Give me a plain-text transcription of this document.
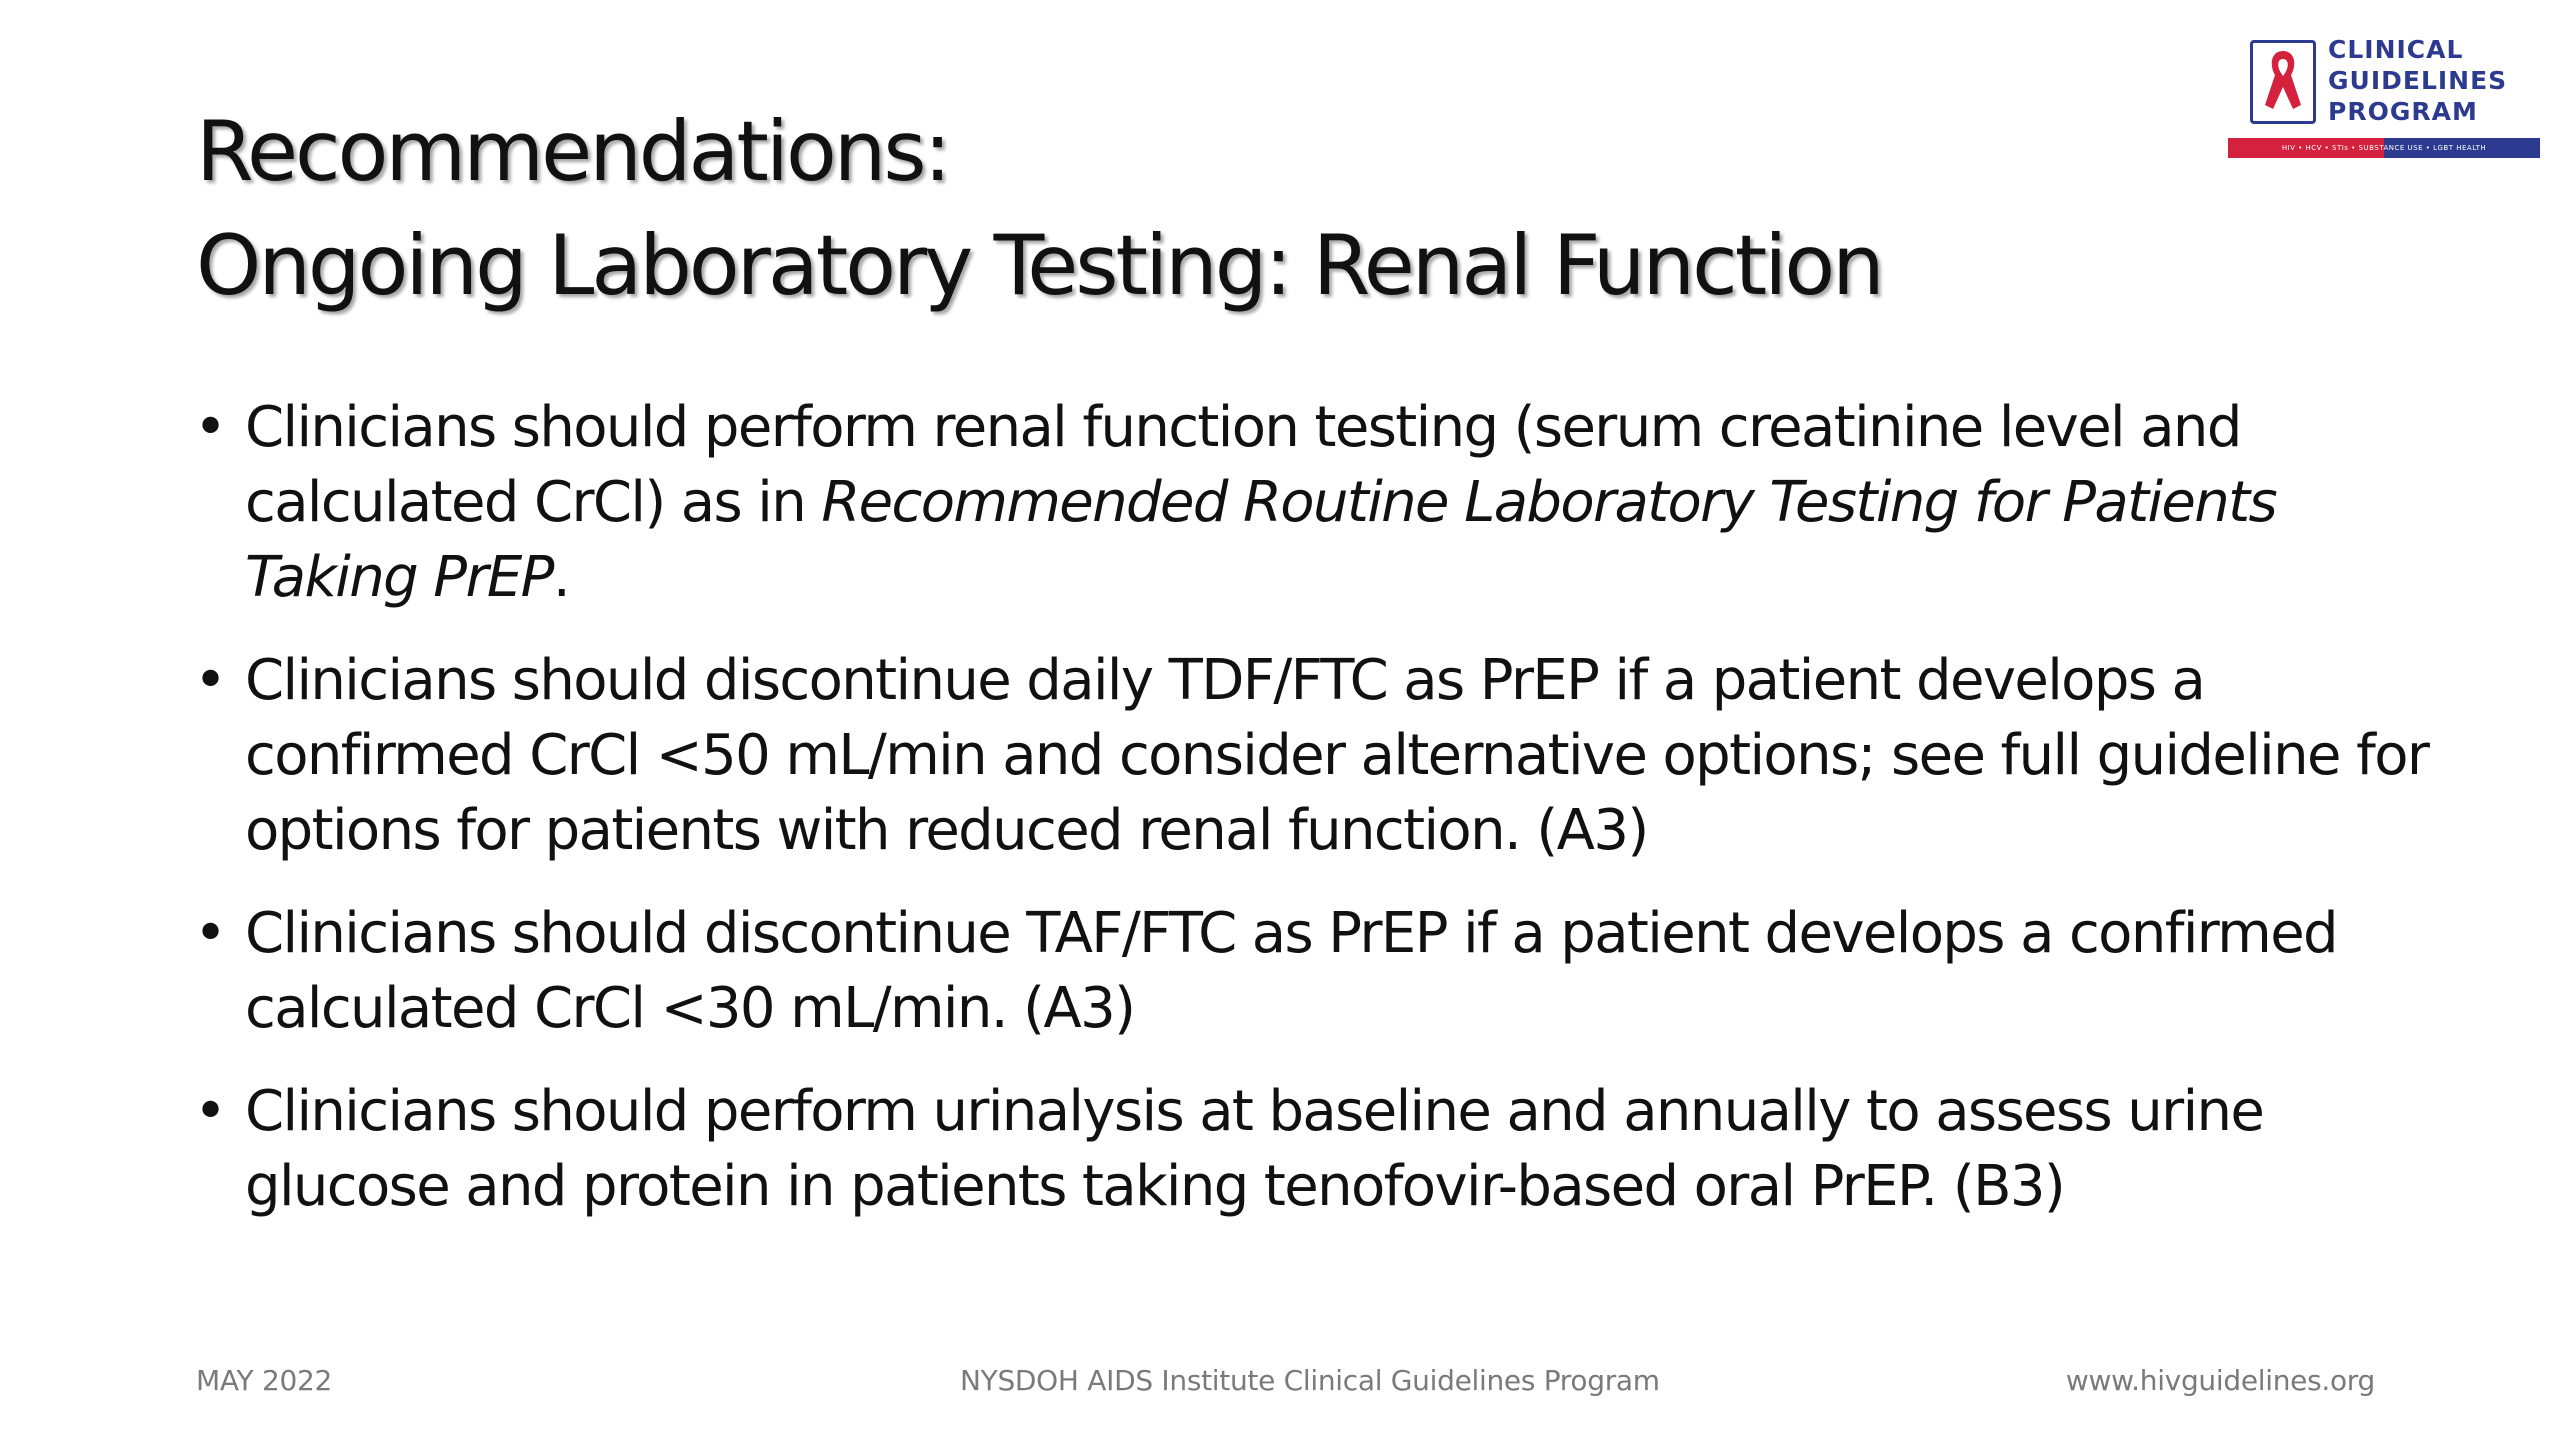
CLINICAL
GUIDELINES
PROGRAM
HIV • HCV • STIs • SUBSTANCE USE • LGBT HEALTH
Recommendations:
Ongoing Laboratory Testing: Renal Function
• Clinicians should perform renal function testing (serum creatinine level and calculated CrCl) as in Recommended Routine Laboratory Testing for Patients Taking PrEP.
• Clinicians should discontinue daily TDF/FTC as PrEP if a patient develops a confirmed CrCl <50 mL/min and consider alternative options; see full guideline for options for patients with reduced renal function. (A3)
• Clinicians should discontinue TAF/FTC as PrEP if a patient develops a confirmed calculated CrCl <30 mL/min. (A3)
• Clinicians should perform urinalysis at baseline and annually to assess urine glucose and protein in patients taking tenofovir-based oral PrEP. (B3)
MAY 2022	NYSDOH AIDS Institute Clinical Guidelines Program	www.hivguidelines.org
